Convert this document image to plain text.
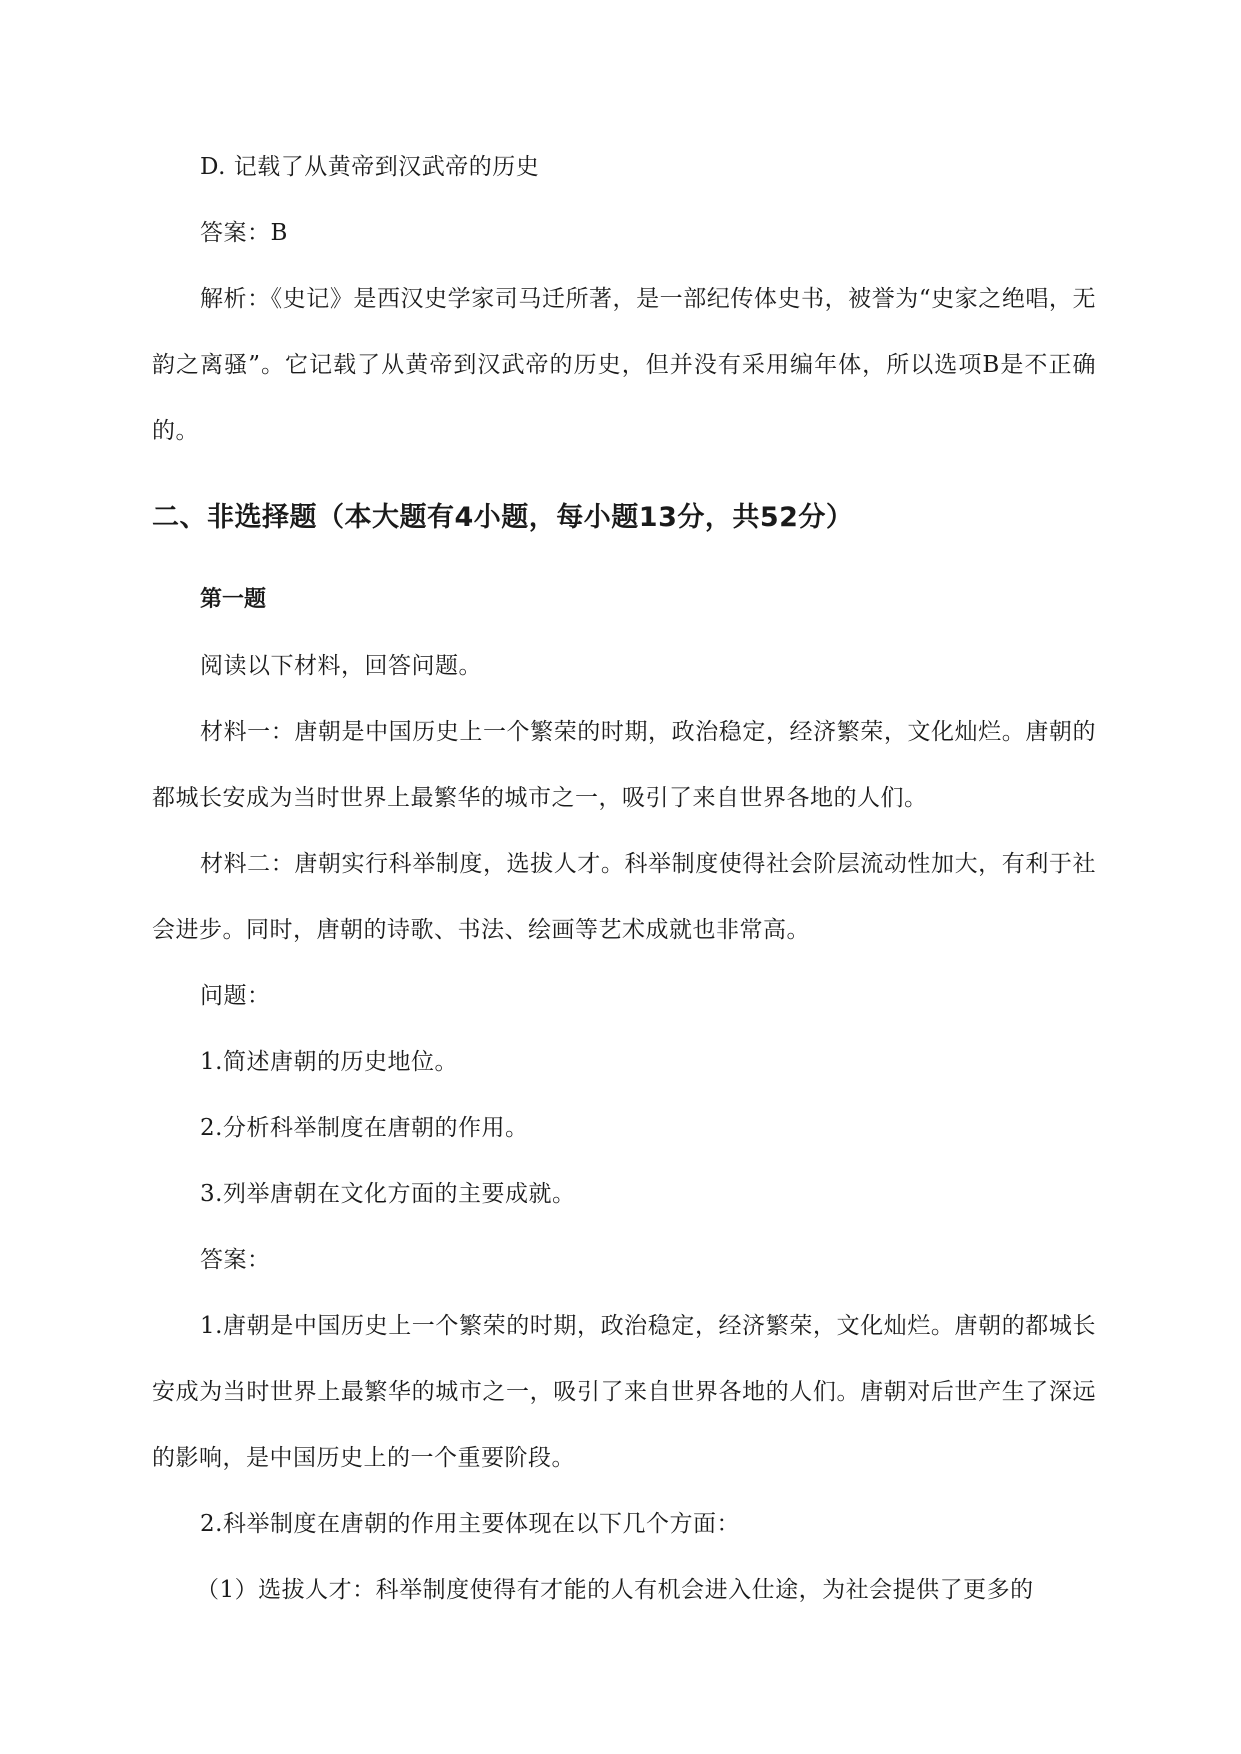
D. 记载了从黄帝到汉武帝的历史

答案：B

解析：《史记》是西汉史学家司马迁所著，是一部纪传体史书，被誉为“史家之绝唱，无韵之离骚”。它记载了从黄帝到汉武帝的历史，但并没有采用编年体，所以选项B是不正确的。

二、非选择题（本大题有4小题，每小题13分，共52分）
第一题

阅读以下材料，回答问题。

材料一：唐朝是中国历史上一个繁荣的时期，政治稳定，经济繁荣，文化灿烂。唐朝的都城长安成为当时世界上最繁华的城市之一，吸引了来自世界各地的人们。

材料二：唐朝实行科举制度，选拔人才。科举制度使得社会阶层流动性加大，有利于社会进步。同时，唐朝的诗歌、书法、绘画等艺术成就也非常高。

问题：

1.简述唐朝的历史地位。

2.分析科举制度在唐朝的作用。

3.列举唐朝在文化方面的主要成就。

答案：

1.唐朝是中国历史上一个繁荣的时期，政治稳定，经济繁荣，文化灿烂。唐朝的都城长安成为当时世界上最繁华的城市之一，吸引了来自世界各地的人们。唐朝对后世产生了深远的影响，是中国历史上的一个重要阶段。

2.科举制度在唐朝的作用主要体现在以下几个方面：

（1）选拔人才：科举制度使得有才能的人有机会进入仕途，为社会提供了更多的
